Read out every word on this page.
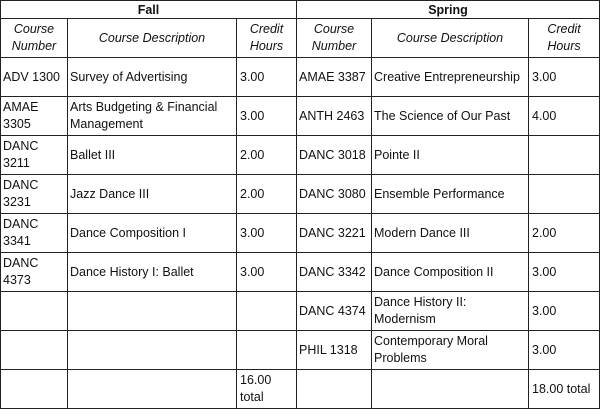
Fall			Spring		
Course Number	Course Description	Credit Hours	Course Number	Course Description	Credit Hours
ADV 1300	Survey of Advertising	3.00	AMAE 3387	Creative Entrepreneurship	3.00
AMAE 3305	Arts Budgeting & Financial Management	3.00	ANTH 2463	The Science of Our Past	4.00
DANC 3211	Ballet III	2.00	DANC 3018	Pointe II	
DANC 3231	Jazz Dance III	2.00	DANC 3080	Ensemble Performance	
DANC 3341	Dance Composition I	3.00	DANC 3221	Modern Dance III	2.00
DANC 4373	Dance History I: Ballet	3.00	DANC 3342	Dance Composition II	3.00
			DANC 4374	Dance History II: Modernism	3.00
			PHIL 1318	Contemporary Moral Problems	3.00
		16.00 total			18.00 total
